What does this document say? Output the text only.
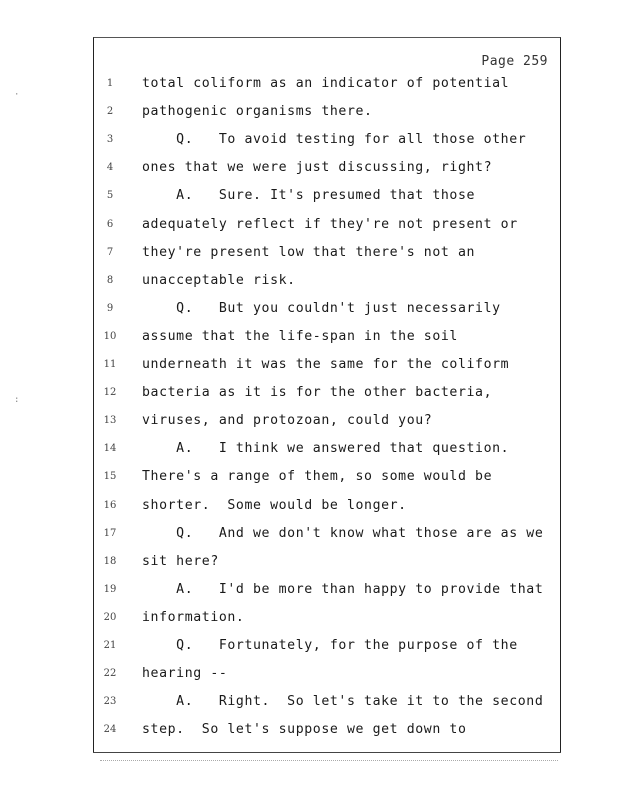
·
:
Page 259
1	total coliform as an indicator of potential
2	pathogenic organisms there.
3	Q.   To avoid testing for all those other
4	ones that we were just discussing, right?
5	A.   Sure. It's presumed that those
6	adequately reflect if they're not present or
7	they're present low that there's not an
8	unacceptable risk.
9	Q.   But you couldn't just necessarily
10	assume that the life-span in the soil
11	underneath it was the same for the coliform
12	bacteria as it is for the other bacteria,
13	viruses, and protozoan, could you?
14	A.   I think we answered that question.
15	There's a range of them, so some would be
16	shorter.  Some would be longer.
17	Q.   And we don't know what those are as we
18	sit here?
19	A.   I'd be more than happy to provide that
20	information.
21	Q.   Fortunately, for the purpose of the
22	hearing --
23	A.   Right.  So let's take it to the second
24	step.  So let's suppose we get down to
